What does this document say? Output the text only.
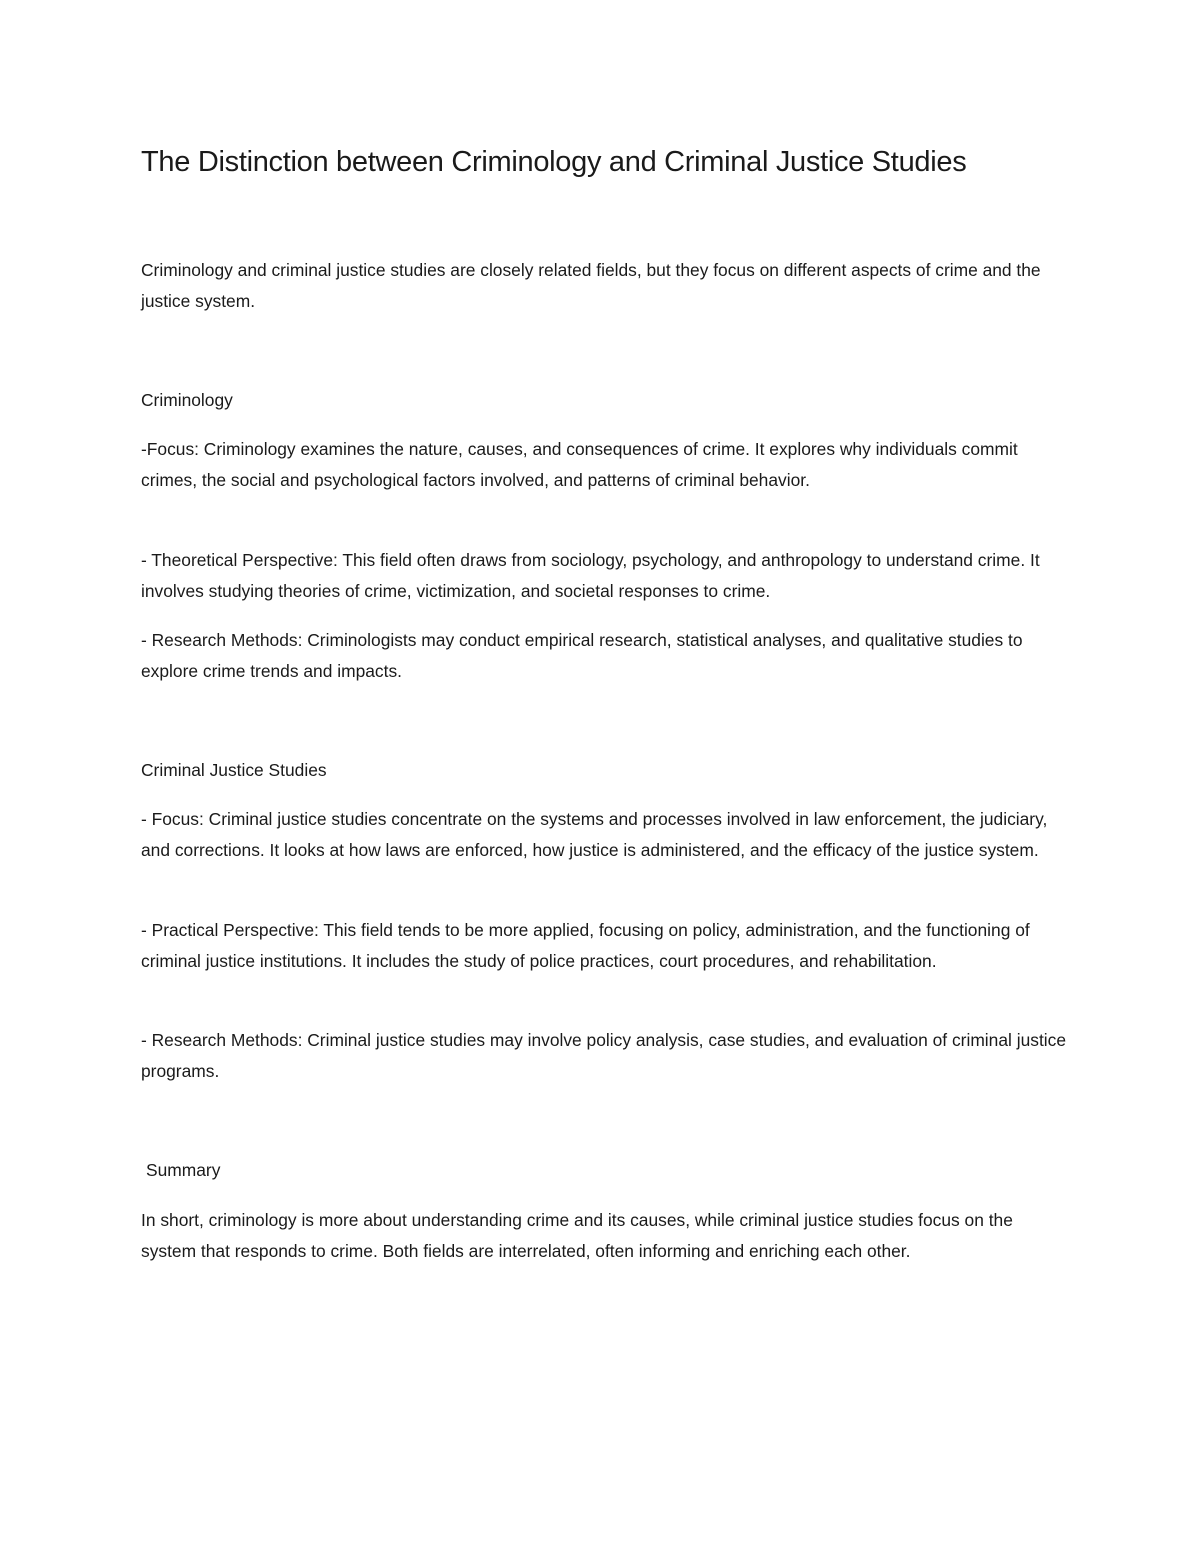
The Distinction between Criminology and Criminal Justice Studies

Criminology and criminal justice studies are closely related fields, but they focus on different aspects of crime and the justice system.

Criminology

-Focus: Criminology examines the nature, causes, and consequences of crime. It explores why individuals commit crimes, the social and psychological factors involved, and patterns of criminal behavior.

- Theoretical Perspective: This field often draws from sociology, psychology, and anthropology to understand crime. It involves studying theories of crime, victimization, and societal responses to crime.

- Research Methods: Criminologists may conduct empirical research, statistical analyses, and qualitative studies to explore crime trends and impacts.

Criminal Justice Studies

- Focus: Criminal justice studies concentrate on the systems and processes involved in law enforcement, the judiciary, and corrections. It looks at how laws are enforced, how justice is administered, and the efficacy of the justice system.

- Practical Perspective: This field tends to be more applied, focusing on policy, administration, and the functioning of criminal justice institutions. It includes the study of police practices, court procedures, and rehabilitation.

- Research Methods: Criminal justice studies may involve policy analysis, case studies, and evaluation of criminal justice programs.

Summary

In short, criminology is more about understanding crime and its causes, while criminal justice studies focus on the system that responds to crime. Both fields are interrelated, often informing and enriching each other.
